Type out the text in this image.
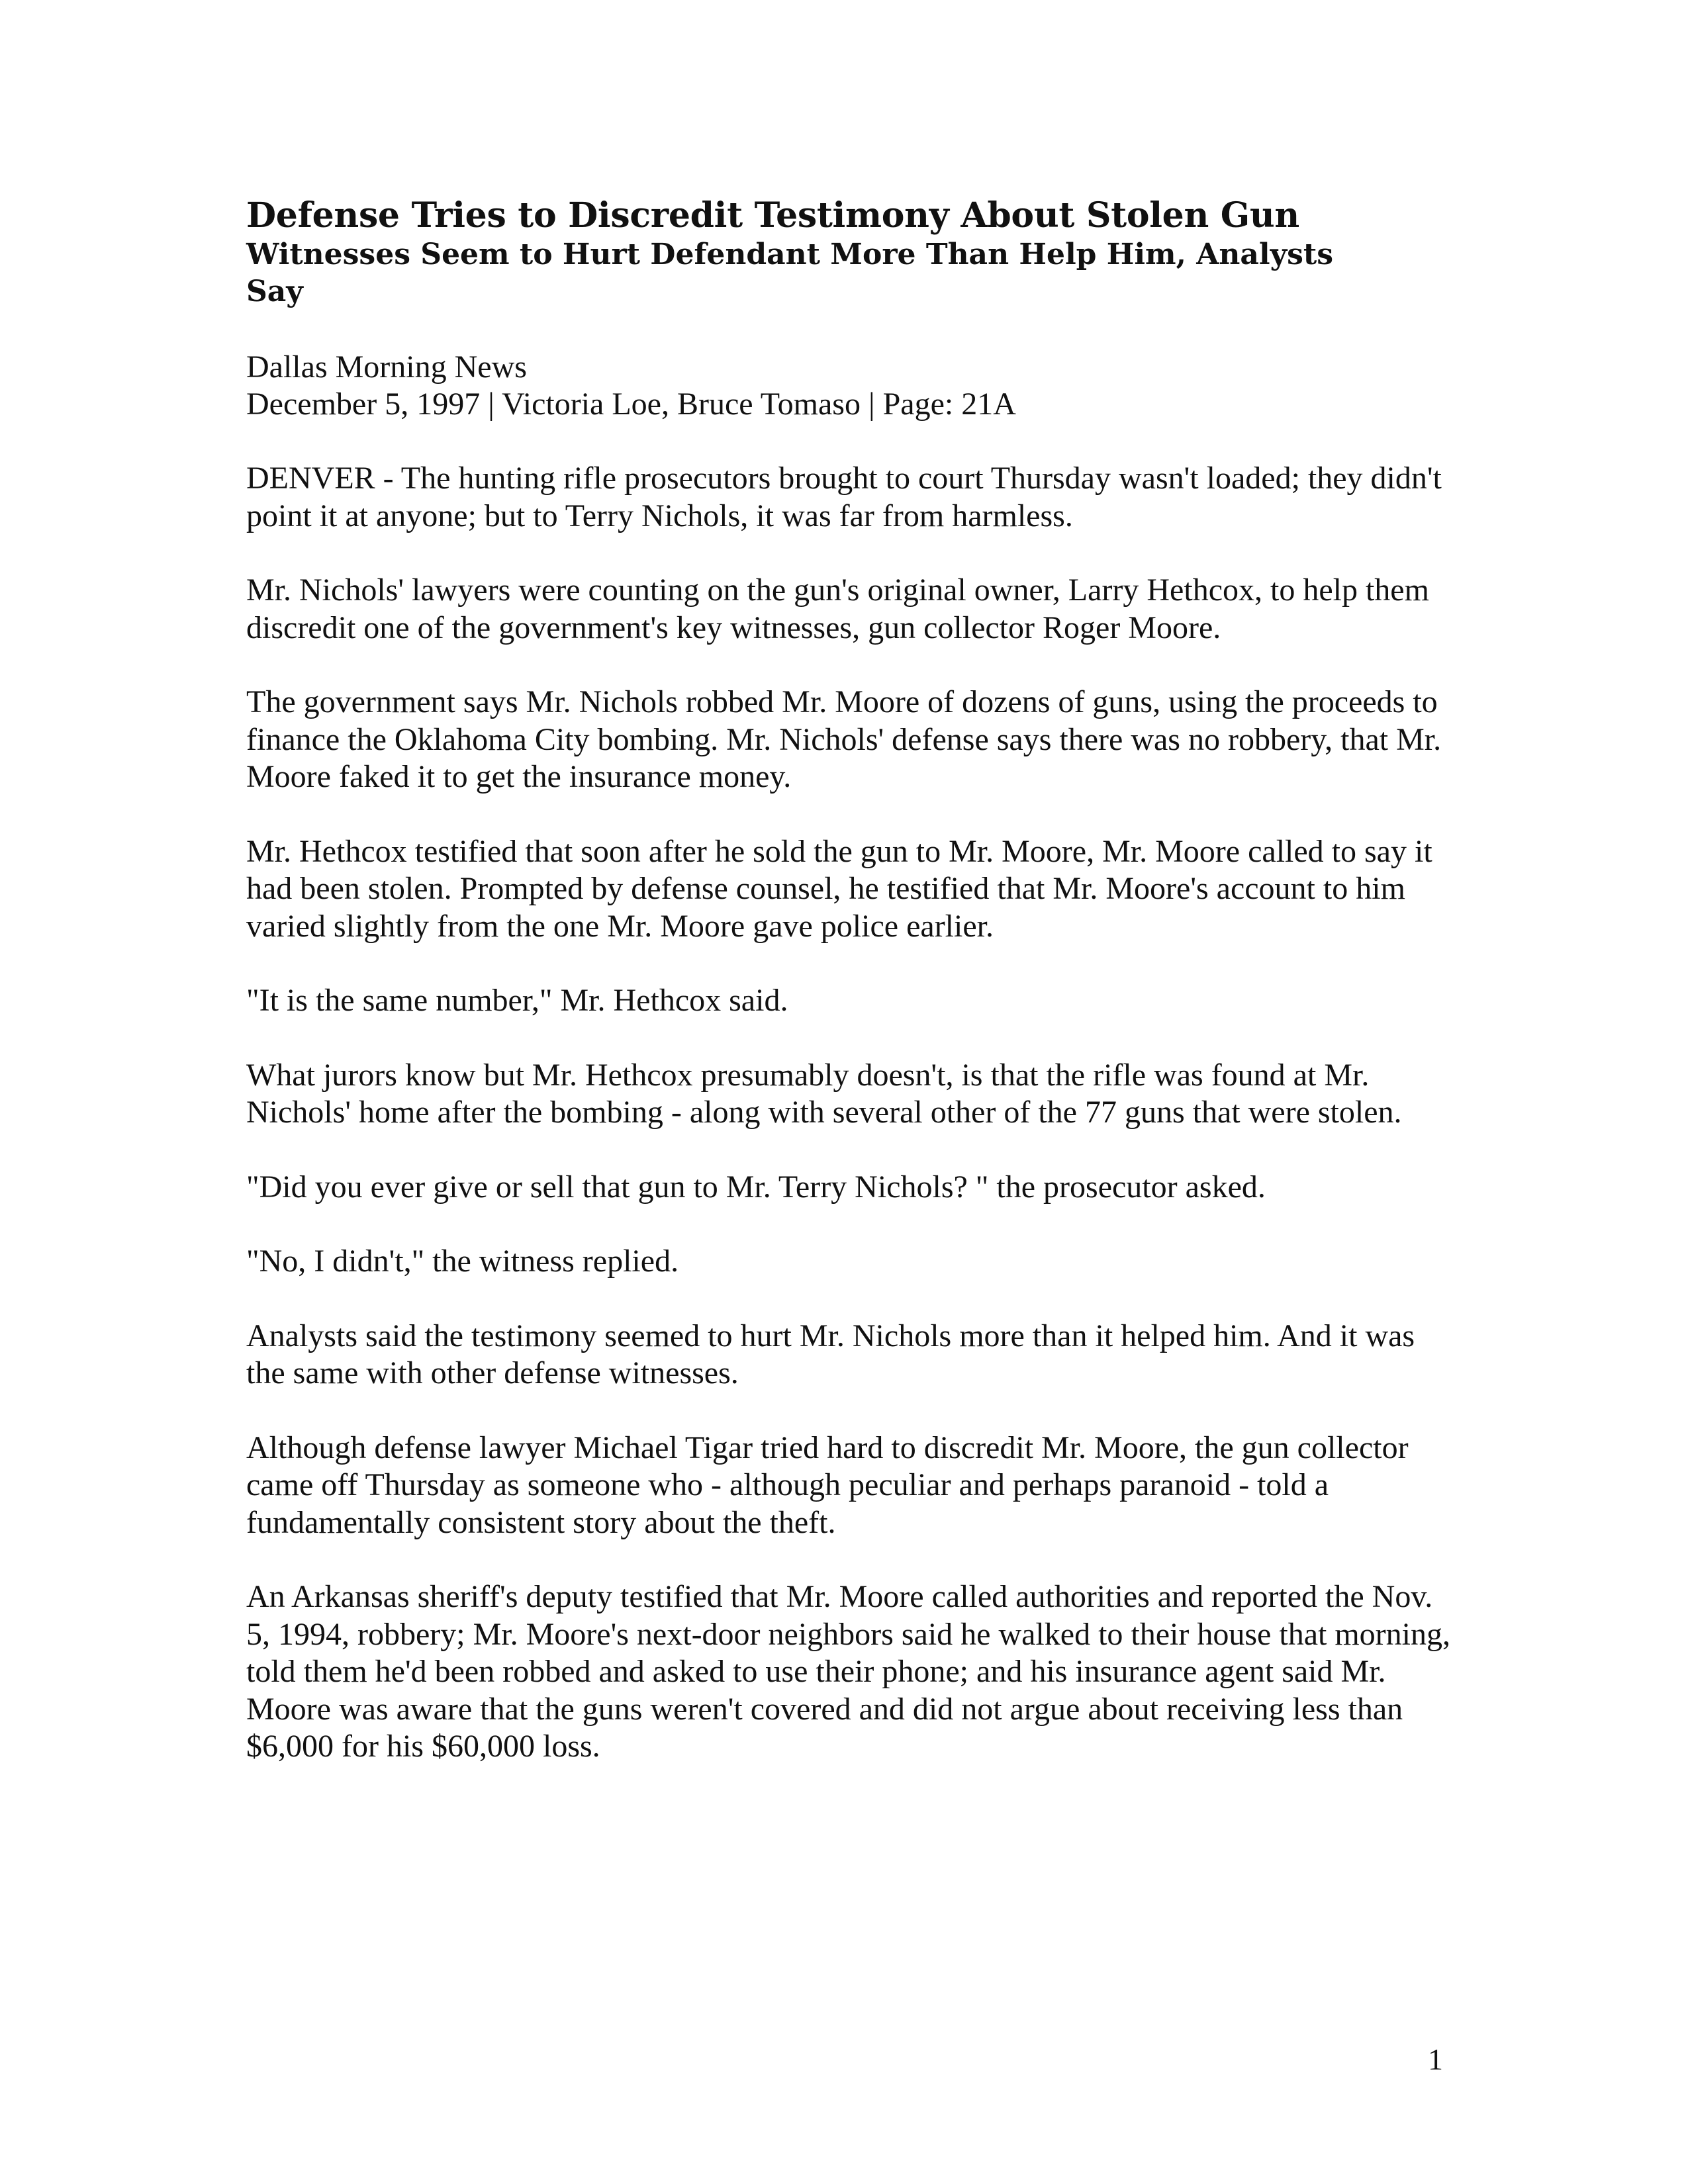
Defense Tries to Discredit Testimony About Stolen Gun
Witnesses Seem to Hurt Defendant More Than Help Him, Analysts Say
Dallas Morning News
December 5, 1997 | Victoria Loe, Bruce Tomaso | Page: 21A

DENVER - The hunting rifle prosecutors brought to court Thursday wasn't loaded; they didn't point it at anyone; but to Terry Nichols, it was far from harmless.

Mr. Nichols' lawyers were counting on the gun's original owner, Larry Hethcox, to help them discredit one of the government's key witnesses, gun collector Roger Moore.

The government says Mr. Nichols robbed Mr. Moore of dozens of guns, using the proceeds to finance the Oklahoma City bombing. Mr. Nichols' defense says there was no robbery, that Mr. Moore faked it to get the insurance money.

Mr. Hethcox testified that soon after he sold the gun to Mr. Moore, Mr. Moore called to say it had been stolen. Prompted by defense counsel, he testified that Mr. Moore's account to him varied slightly from the one Mr. Moore gave police earlier.

"It is the same number," Mr. Hethcox said.

What jurors know but Mr. Hethcox presumably doesn't, is that the rifle was found at Mr. Nichols' home after the bombing - along with several other of the 77 guns that were stolen.

"Did you ever give or sell that gun to Mr. Terry Nichols? " the prosecutor asked.

"No, I didn't," the witness replied.

Analysts said the testimony seemed to hurt Mr. Nichols more than it helped him. And it was the same with other defense witnesses.

Although defense lawyer Michael Tigar tried hard to discredit Mr. Moore, the gun collector came off Thursday as someone who - although peculiar and perhaps paranoid - told a fundamentally consistent story about the theft.

An Arkansas sheriff's deputy testified that Mr. Moore called authorities and reported the Nov. 5, 1994, robbery; Mr. Moore's next-door neighbors said he walked to their house that morning, told them he'd been robbed and asked to use their phone; and his insurance agent said Mr. Moore was aware that the guns weren't covered and did not argue about receiving less than $6,000 for his $60,000 loss.

1
